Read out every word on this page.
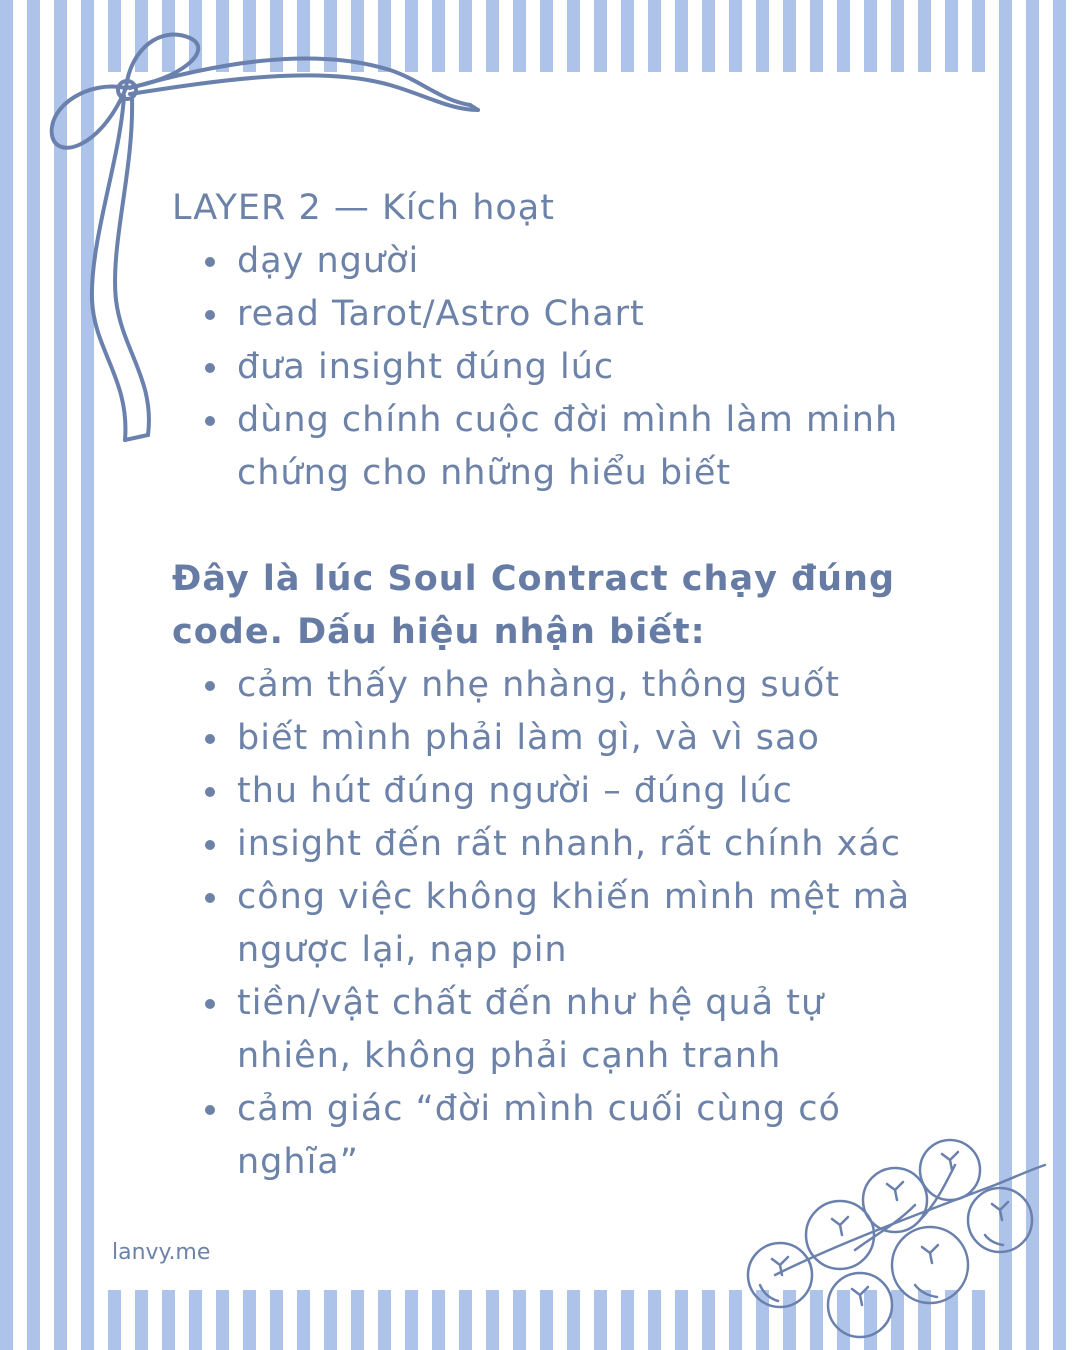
LAYER 2 — Kích hoạt
dạy người
read Tarot/Astro Chart
đưa insight đúng lúc
dùng chính cuộc đời mình làm minh chứng cho những hiểu biết

Đây là lúc Soul Contract chạy đúng code. Dấu hiệu nhận biết:

cảm thấy nhẹ nhàng, thông suốt
biết mình phải làm gì, và vì sao
thu hút đúng người – đúng lúc
insight đến rất nhanh, rất chính xác
công việc không khiến mình mệt mà ngược lại, nạp pin
tiền/vật chất đến như hệ quả tự nhiên, không phải cạnh tranh
cảm giác “đời mình cuối cùng có nghĩa”
lanvy.me
